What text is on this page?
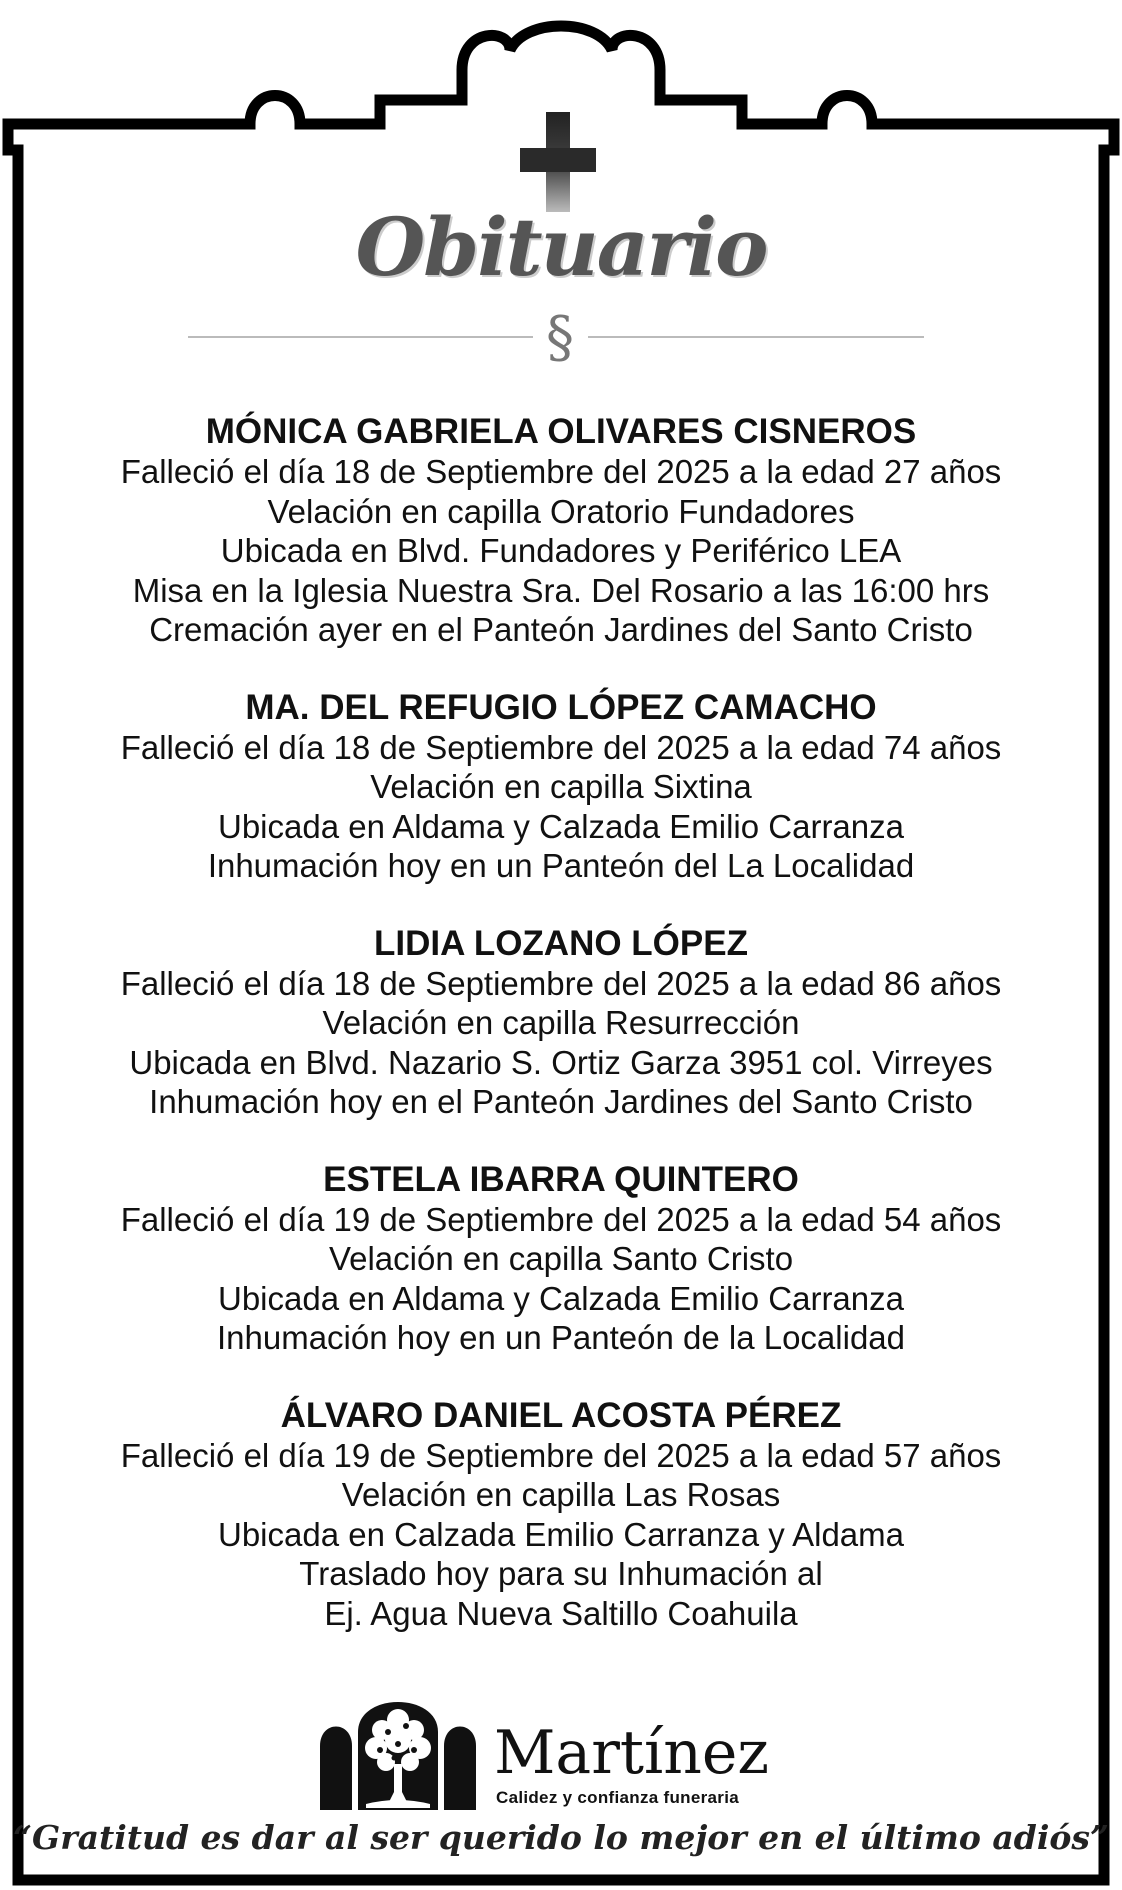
Obituario
§
MÓNICA GABRIELA OLIVARES CISNEROS
Falleció el día 18 de Septiembre del 2025 a la edad 27 años
Velación en capilla Oratorio Fundadores
Ubicada en Blvd. Fundadores y Periférico LEA
Misa en la Iglesia Nuestra Sra. Del Rosario a las 16:00 hrs
Cremación ayer en el Panteón Jardines del Santo Cristo
MA. DEL REFUGIO LÓPEZ CAMACHO
Falleció el día 18 de Septiembre del 2025 a la edad 74 años
Velación en capilla Sixtina
Ubicada en Aldama y Calzada Emilio Carranza
Inhumación hoy en un Panteón del La Localidad
LIDIA LOZANO LÓPEZ
Falleció el día 18 de Septiembre del 2025 a la edad 86 años
Velación en capilla Resurrección
Ubicada en Blvd. Nazario S. Ortiz Garza 3951 col. Virreyes
Inhumación hoy en el Panteón Jardines del Santo Cristo
ESTELA IBARRA QUINTERO
Falleció el día 19 de Septiembre del 2025 a la edad 54 años
Velación en capilla Santo Cristo
Ubicada en Aldama y Calzada Emilio Carranza
Inhumación hoy en un Panteón de la Localidad
ÁLVARO DANIEL ACOSTA PÉREZ
Falleció el día 19 de Septiembre del 2025 a la edad 57 años
Velación en capilla Las Rosas
Ubicada en Calzada Emilio Carranza y Aldama
Traslado hoy para su Inhumación al
Ej. Agua Nueva Saltillo Coahuila
Martínez
Calidez y confianza funeraria
“Gratitud es dar al ser querido lo mejor en el último adiós”
